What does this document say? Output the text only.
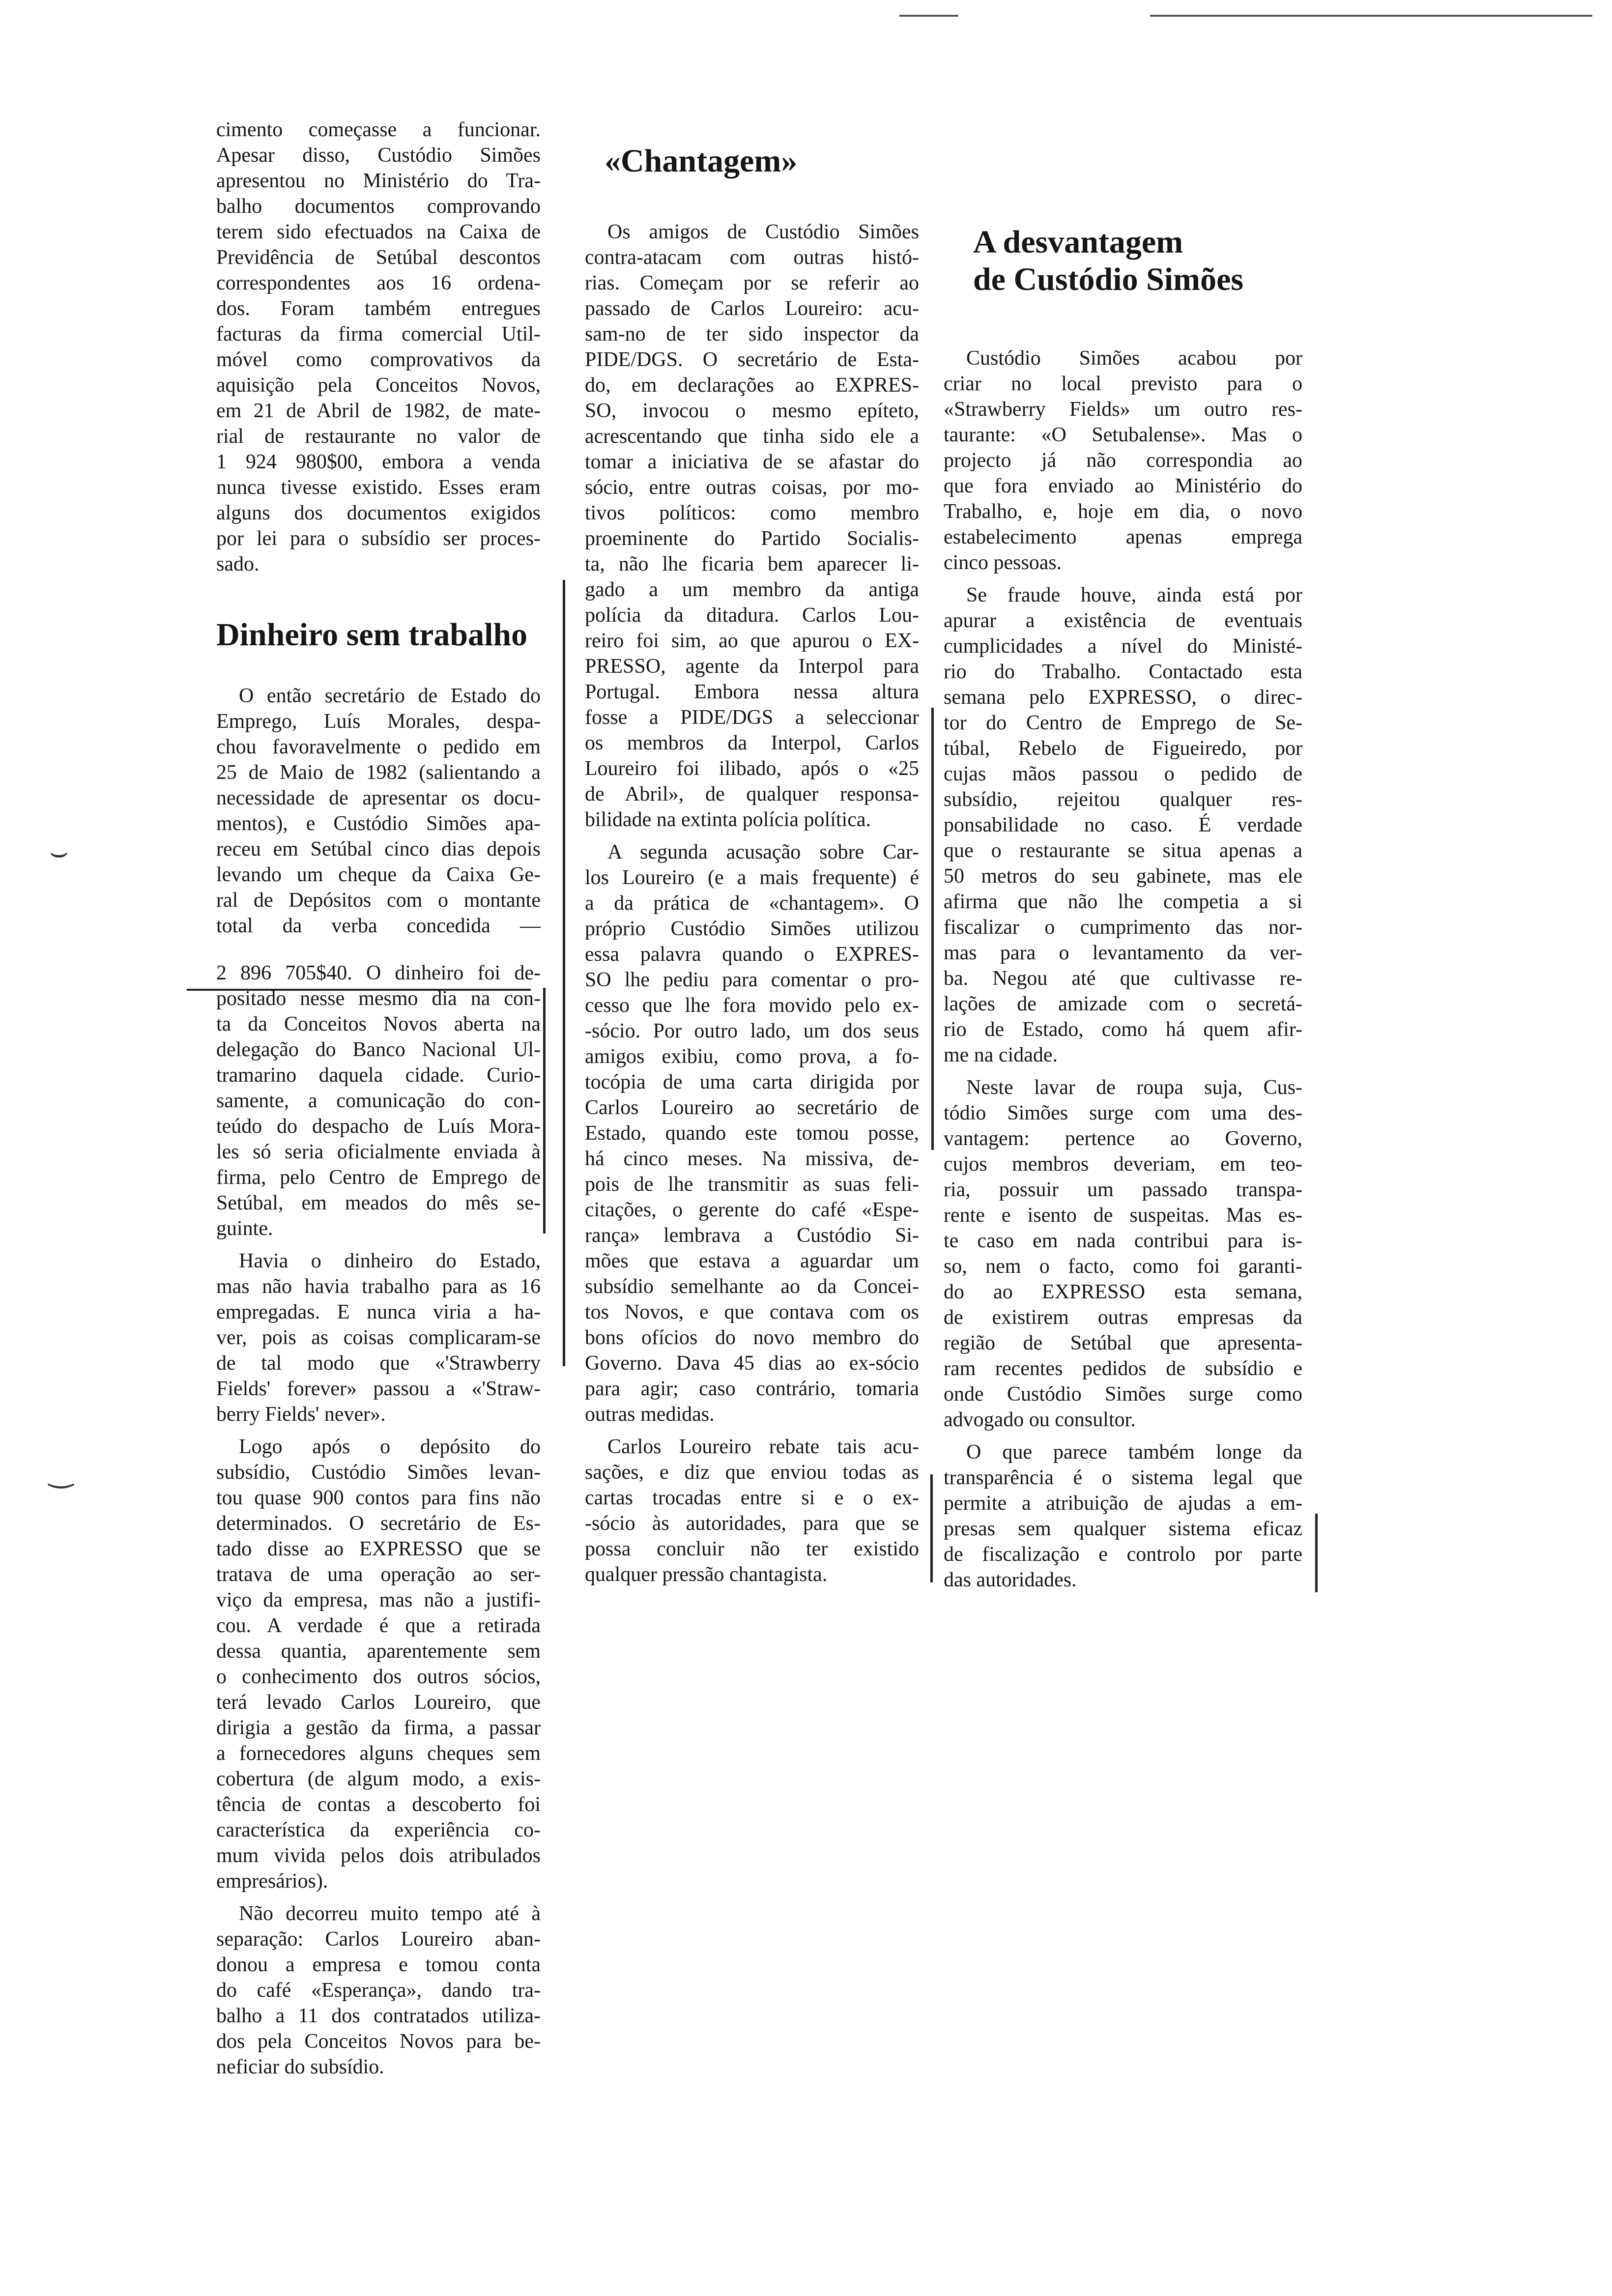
⌣
‿

cimento começasse a funcionar.
Apesar disso, Custódio Simões
apresentou no Ministério do Tra-
balho documentos comprovando
terem sido efectuados na Caixa de
Previdência de Setúbal descontos
correspondentes aos 16 ordena-
dos. Foram também entregues
facturas da firma comercial Util-
móvel como comprovativos da
aquisição pela Conceitos Novos,
em 21 de Abril de 1982, de mate-
rial de restaurante no valor de
1 924 980$00, embora a venda
nunca tivesse existido. Esses eram
alguns dos documentos exigidos
por lei para o subsídio ser proces-
sado.

Dinheiro sem trabalho

O então secretário de Estado do
Emprego, Luís Morales, despa-
chou favoravelmente o pedido em
25 de Maio de 1982 (salientando a
necessidade de apresentar os docu-
mentos), e Custódio Simões apa-
receu em Setúbal cinco dias depois
levando um cheque da Caixa Ge-
ral de Depósitos com o montante
total da verba concedida —

2 896 705$40. O dinheiro foi de-
positado nesse mesmo dia na con-
ta da Conceitos Novos aberta na
delegação do Banco Nacional Ul-
tramarino daquela cidade. Curio-
samente, a comunicação do con-
teúdo do despacho de Luís Mora-
les só seria oficialmente enviada à
firma, pelo Centro de Emprego de
Setúbal, em meados do mês se-
guinte.

Havia o dinheiro do Estado,
mas não havia trabalho para as 16
empregadas. E nunca viria a ha-
ver, pois as coisas complicaram-se
de tal modo que «'Strawberry
Fields' forever» passou a «'Straw-
berry Fields' never».

Logo após o depósito do
subsídio, Custódio Simões levan-
tou quase 900 contos para fins não
determinados. O secretário de Es-
tado disse ao EXPRESSO que se
tratava de uma operação ao ser-
viço da empresa, mas não a justifi-
cou. A verdade é que a retirada
dessa quantia, aparentemente sem
o conhecimento dos outros sócios,
terá levado Carlos Loureiro, que
dirigia a gestão da firma, a passar
a fornecedores alguns cheques sem
cobertura (de algum modo, a exis-
tência de contas a descoberto foi
característica da experiência co-
mum vivida pelos dois atribulados
empresários).

Não decorreu muito tempo até à
separação: Carlos Loureiro aban-
donou a empresa e tomou conta
do café «Esperança», dando tra-
balho a 11 dos contratados utiliza-
dos pela Conceitos Novos para be-
neficiar do subsídio.

«Chantagem»

Os amigos de Custódio Simões
contra-atacam com outras histó-
rias. Começam por se referir ao
passado de Carlos Loureiro: acu-
sam-no de ter sido inspector da
PIDE/DGS. O secretário de Esta-
do, em declarações ao EXPRES-
SO, invocou o mesmo epíteto,
acrescentando que tinha sido ele a
tomar a iniciativa de se afastar do
sócio, entre outras coisas, por mo-
tivos políticos: como membro
proeminente do Partido Socialis-
ta, não lhe ficaria bem aparecer li-
gado a um membro da antiga
polícia da ditadura. Carlos Lou-
reiro foi sim, ao que apurou o EX-
PRESSO, agente da Interpol para
Portugal. Embora nessa altura
fosse a PIDE/DGS a seleccionar
os membros da Interpol, Carlos
Loureiro foi ilibado, após o «25
de Abril», de qualquer responsa-
bilidade na extinta polícia política.

A segunda acusação sobre Car-
los Loureiro (e a mais frequente) é
a da prática de «chantagem». O
próprio Custódio Simões utilizou
essa palavra quando o EXPRES-
SO lhe pediu para comentar o pro-
cesso que lhe fora movido pelo ex-
-sócio. Por outro lado, um dos seus
amigos exibiu, como prova, a fo-
tocópia de uma carta dirigida por
Carlos Loureiro ao secretário de
Estado, quando este tomou posse,
há cinco meses. Na missiva, de-
pois de lhe transmitir as suas feli-
citações, o gerente do café «Espe-
rança» lembrava a Custódio Si-
mões que estava a aguardar um
subsídio semelhante ao da Concei-
tos Novos, e que contava com os
bons ofícios do novo membro do
Governo. Dava 45 dias ao ex-sócio
para agir; caso contrário, tomaria
outras medidas.

Carlos Loureiro rebate tais acu-
sações, e diz que enviou todas as
cartas trocadas entre si e o ex-
-sócio às autoridades, para que se
possa concluir não ter existido
qualquer pressão chantagista.

A desvantagem
de Custódio Simões

Custódio Simões acabou por
criar no local previsto para o
«Strawberry Fields» um outro res-
taurante: «O Setubalense». Mas o
projecto já não correspondia ao
que fora enviado ao Ministério do
Trabalho, e, hoje em dia, o novo
estabelecimento apenas emprega
cinco pessoas.

Se fraude houve, ainda está por
apurar a existência de eventuais
cumplicidades a nível do Ministé-
rio do Trabalho. Contactado esta
semana pelo EXPRESSO, o direc-
tor do Centro de Emprego de Se-
túbal, Rebelo de Figueiredo, por
cujas mãos passou o pedido de
subsídio, rejeitou qualquer res-
ponsabilidade no caso. É verdade
que o restaurante se situa apenas a
50 metros do seu gabinete, mas ele
afirma que não lhe competia a si
fiscalizar o cumprimento das nor-
mas para o levantamento da ver-
ba. Negou até que cultivasse re-
lações de amizade com o secretá-
rio de Estado, como há quem afir-
me na cidade.

Neste lavar de roupa suja, Cus-
tódio Simões surge com uma des-
vantagem: pertence ao Governo,
cujos membros deveriam, em teo-
ria, possuir um passado transpa-
rente e isento de suspeitas. Mas es-
te caso em nada contribui para is-
so, nem o facto, como foi garanti-
do ao EXPRESSO esta semana,
de existirem outras empresas da
região de Setúbal que apresenta-
ram recentes pedidos de subsídio e
onde Custódio Simões surge como
advogado ou consultor.

O que parece também longe da
transparência é o sistema legal que
permite a atribuição de ajudas a em-
presas sem qualquer sistema eficaz
de fiscalização e controlo por parte
das autoridades.
